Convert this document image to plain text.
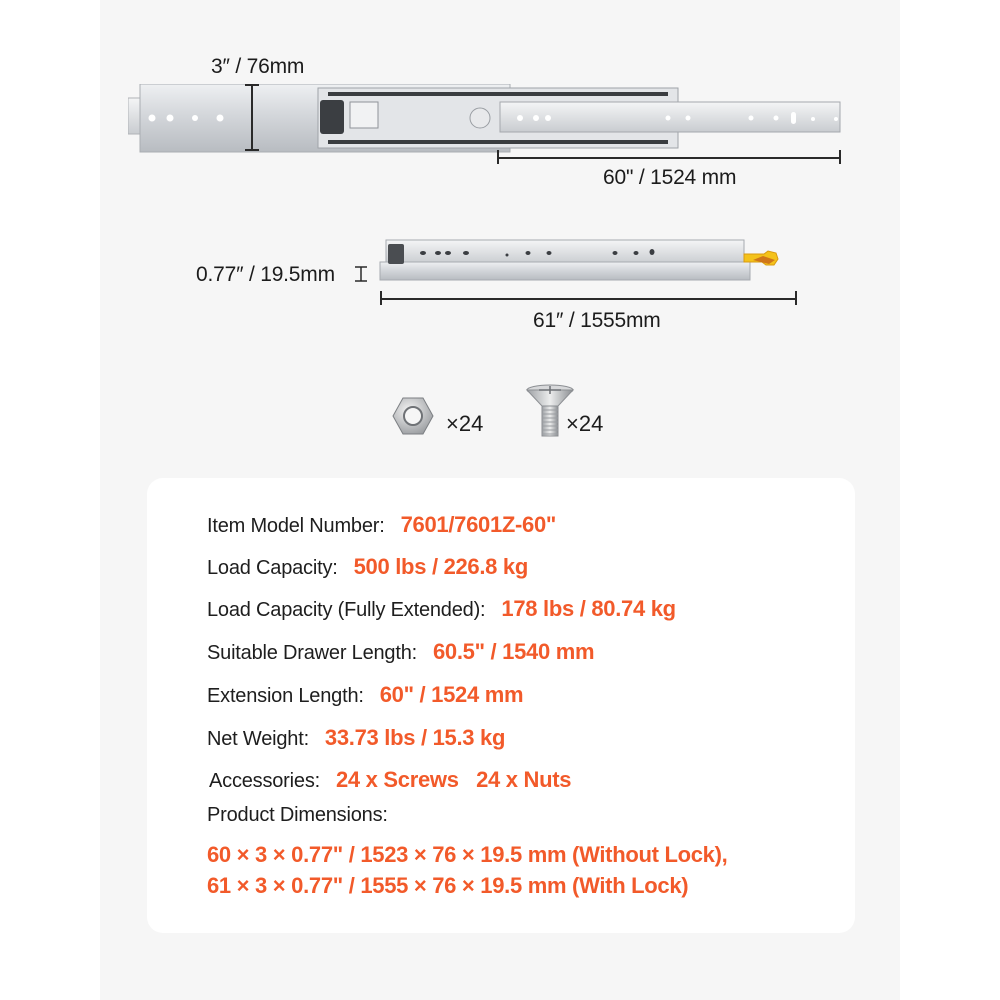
3″ / 76mm
60" / 1524 mm
0.77″ / 19.5mm
61″ / 1555mm
×24	×24
Item Model Number: 7601/7601Z-60"
Load Capacity: 500 lbs / 226.8 kg
Load Capacity (Fully Extended): 178 lbs / 80.74 kg
Suitable Drawer Length: 60.5" / 1540 mm
Extension Length: 60" / 1524 mm
Net Weight: 33.73 lbs / 15.3 kg
Accessories: 24 x Screws   24 x Nuts
Product Dimensions:
60 × 3 × 0.77" / 1523 × 76 × 19.5 mm (Without Lock),
61 × 3 × 0.77" / 1555 × 76 × 19.5 mm (With Lock)
